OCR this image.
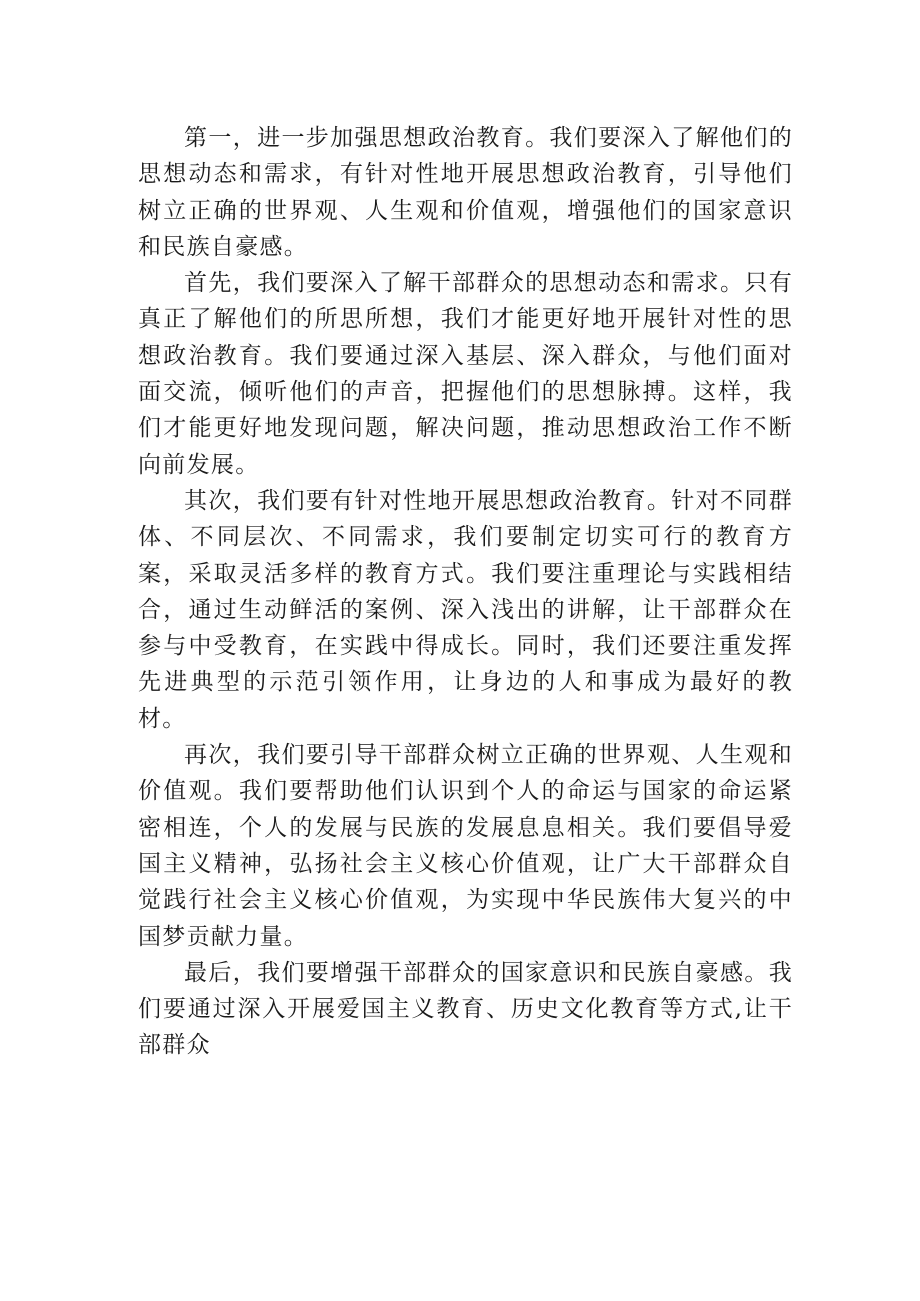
第一，进一步加强思想政治教育。我们要深入了解他们的思想动态和需求，有针对性地开展思想政治教育，引导他们树立正确的世界观、人生观和价值观，增强他们的国家意识和民族自豪感。

首先，我们要深入了解干部群众的思想动态和需求。只有真正了解他们的所思所想，我们才能更好地开展针对性的思想政治教育。我们要通过深入基层、深入群众，与他们面对面交流，倾听他们的声音，把握他们的思想脉搏。这样，我们才能更好地发现问题，解决问题，推动思想政治工作不断向前发展。

其次，我们要有针对性地开展思想政治教育。针对不同群体、不同层次、不同需求，我们要制定切实可行的教育方案，采取灵活多样的教育方式。我们要注重理论与实践相结合，通过生动鲜活的案例、深入浅出的讲解，让干部群众在参与中受教育，在实践中得成长。同时，我们还要注重发挥先进典型的示范引领作用，让身边的人和事成为最好的教材。

再次，我们要引导干部群众树立正确的世界观、人生观和价值观。我们要帮助他们认识到个人的命运与国家的命运紧密相连，个人的发展与民族的发展息息相关。我们要倡导爱国主义精神，弘扬社会主义核心价值观，让广大干部群众自觉践行社会主义核心价值观，为实现中华民族伟大复兴的中国梦贡献力量。

最后，我们要增强干部群众的国家意识和民族自豪感。我们要通过深入开展爱国主义教育、历史文化教育等方式,让干部群众
